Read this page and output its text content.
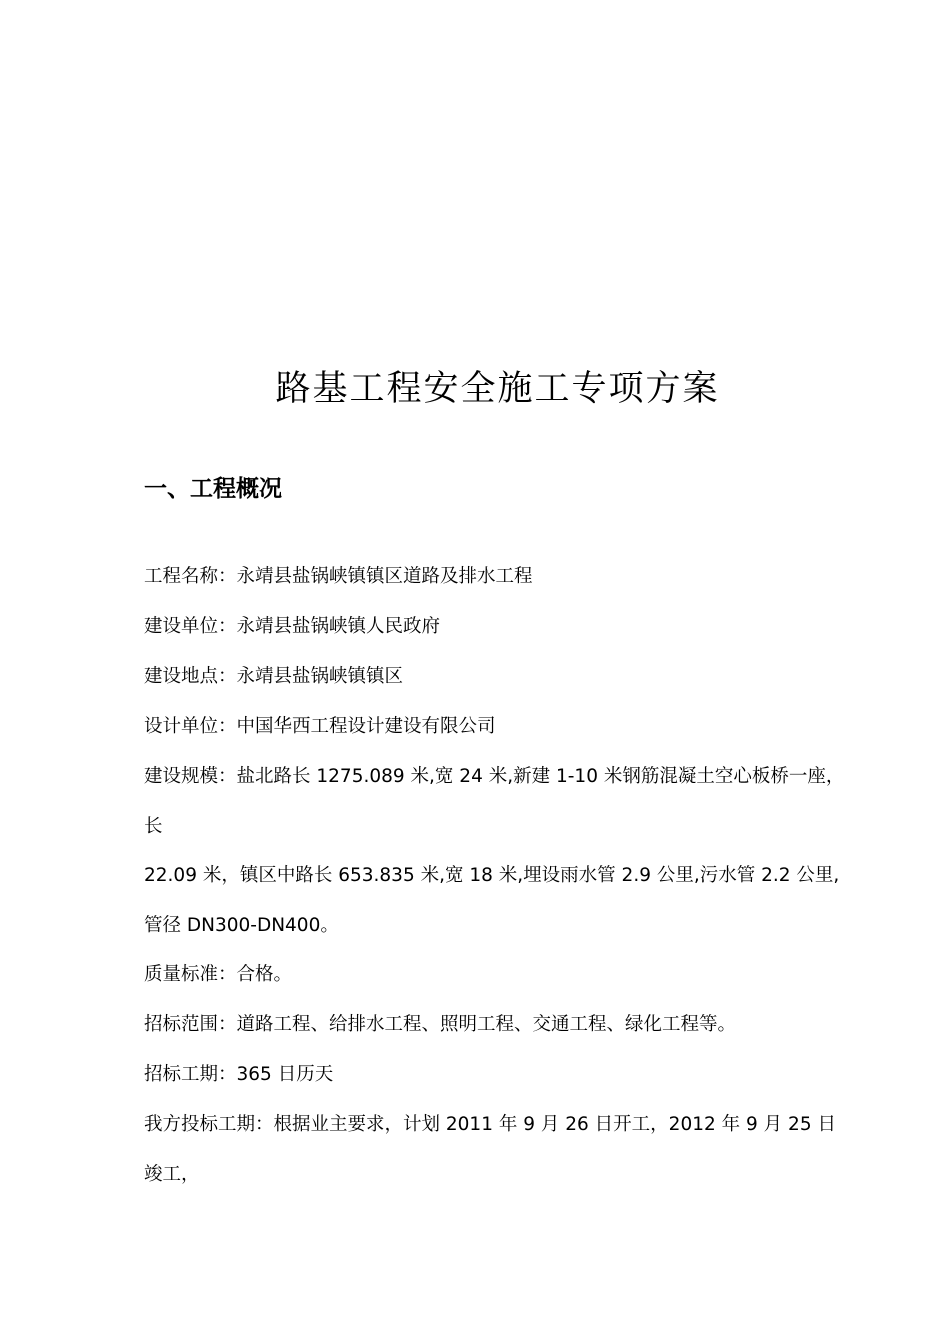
路基工程安全施工专项方案
一、工程概况
工程名称：永靖县盐锅峡镇镇区道路及排水工程
建设单位：永靖县盐锅峡镇人民政府
建设地点：永靖县盐锅峡镇镇区
设计单位：中国华西工程设计建设有限公司
建设规模：盐北路长 1275.089 米,宽 24 米,新建 1-10 米钢筋混凝土空心板桥一座，
长
22.09 米，镇区中路长 653.835 米,宽 18 米,埋设雨水管 2.9 公里,污水管 2.2 公里,
管径 DN300-DN400。
质量标准：合格。
招标范围：道路工程、给排水工程、照明工程、交通工程、绿化工程等。
招标工期：365 日历天
我方投标工期：根据业主要求，计划 2011 年 9 月 26 日开工，2012 年 9 月 25 日
竣工，
